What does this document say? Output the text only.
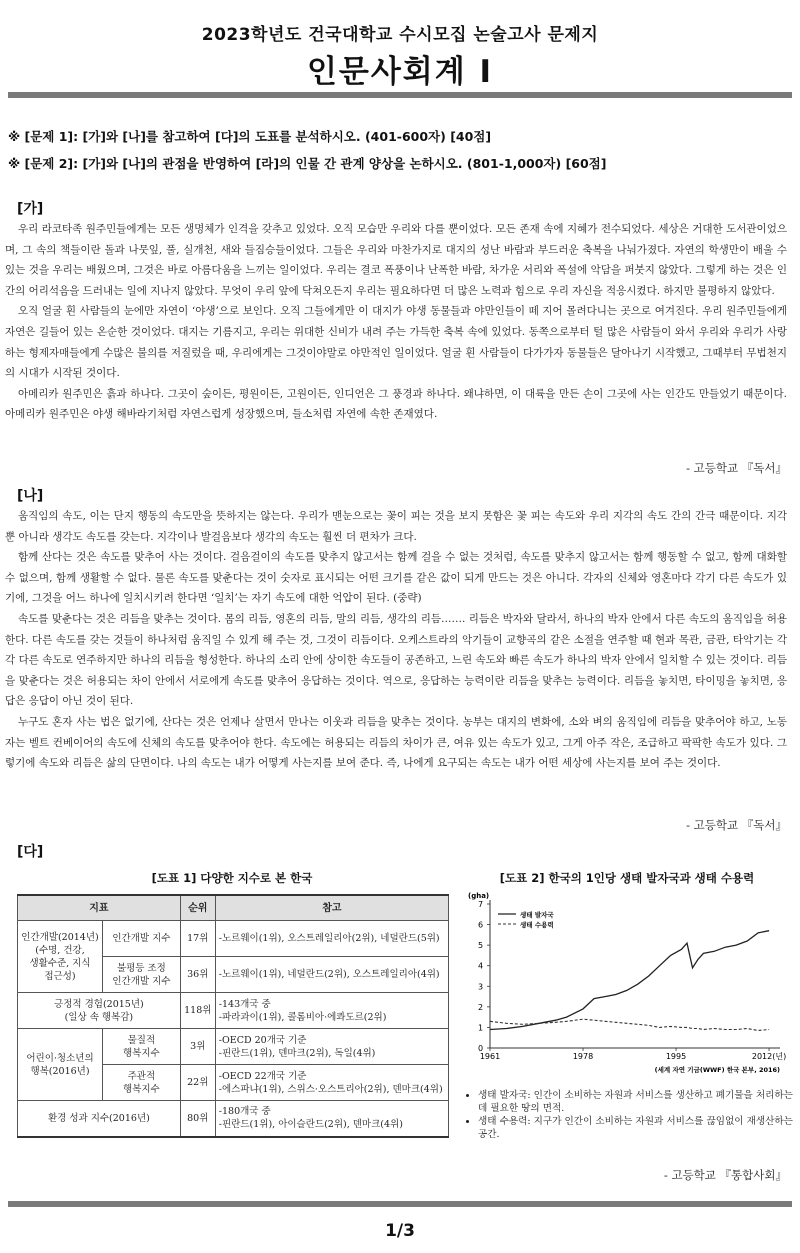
2023학년도 건국대학교 수시모집 논술고사 문제지
인문사회계 Ⅰ
※ [문제 1]: [가]와 [나]를 참고하여 [다]의 도표를 분석하시오. (401-600자) [40점]
※ [문제 2]: [가]와 [나]의 관점을 반영하여 [라]의 인물 간 관계 양상을 논하시오. (801-1,000자) [60점]
[가]

우리 라코타족 원주민들에게는 모든 생명체가 인격을 갖추고 있었다. 오직 모습만 우리와 다를 뿐이었다. 모든 존재 속에 지혜가 전수되었다. 세상은 거대한 도서관이었으며, 그 속의 책들이란 돌과 나뭇잎, 풀, 실개천, 새와 들짐승들이었다. 그들은 우리와 마찬가지로 대지의 성난 바람과 부드러운 축복을 나눠가졌다. 자연의 학생만이 배울 수 있는 것을 우리는 배웠으며, 그것은 바로 아름다움을 느끼는 일이었다. 우리는 결코 폭풍이나 난폭한 바람, 차가운 서리와 폭설에 악담을 퍼붓지 않았다. 그렇게 하는 것은 인간의 어리석음을 드러내는 일에 지나지 않았다. 무엇이 우리 앞에 닥쳐오든지 우리는 필요하다면 더 많은 노력과 힘으로 우리 자신을 적응시켰다. 하지만 불평하지 않았다.

오직 얼굴 흰 사람들의 눈에만 자연이 ‘야생’으로 보인다. 오직 그들에게만 이 대지가 야생 동물들과 야만인들이 떼 지어 몰려다니는 곳으로 여겨진다. 우리 원주민들에게 자연은 길들어 있는 온순한 것이었다. 대지는 기름지고, 우리는 위대한 신비가 내려 주는 가득한 축복 속에 있었다. 동쪽으로부터 털 많은 사람들이 와서 우리와 우리가 사랑하는 형제자매들에게 수많은 불의를 저질렀을 때, 우리에게는 그것이야말로 야만적인 일이었다. 얼굴 흰 사람들이 다가가자 동물들은 달아나기 시작했고, 그때부터 무법천지의 시대가 시작된 것이다.

아메리카 원주민은 흙과 하나다. 그곳이 숲이든, 평원이든, 고원이든, 인디언은 그 풍경과 하나다. 왜냐하면, 이 대륙을 만든 손이 그곳에 사는 인간도 만들었기 때문이다. 아메리카 원주민은 야생 해바라기처럼 자연스럽게 성장했으며, 들소처럼 자연에 속한 존재였다.

- 고등학교 『독서』
[나]

움직임의 속도, 이는 단지 행동의 속도만을 뜻하지는 않는다. 우리가 맨눈으로는 꽃이 피는 것을 보지 못함은 꽃 피는 속도와 우리 지각의 속도 간의 간극 때문이다. 지각뿐 아니라 생각도 속도를 갖는다. 지각이나 발걸음보다 생각의 속도는 훨씬 더 편차가 크다.

함께 산다는 것은 속도를 맞추어 사는 것이다. 걸음걸이의 속도를 맞추지 않고서는 함께 걸을 수 없는 것처럼, 속도를 맞추지 않고서는 함께 행동할 수 없고, 함께 대화할 수 없으며, 함께 생활할 수 없다. 물론 속도를 맞춘다는 것이 숫자로 표시되는 어떤 크기를 같은 값이 되게 만드는 것은 아니다. 각자의 신체와 영혼마다 각기 다른 속도가 있기에, 그것을 어느 하나에 일치시키려 한다면 ‘일치’는 자기 속도에 대한 억압이 된다. (중략)

속도를 맞춘다는 것은 리듬을 맞추는 것이다. 몸의 리듬, 영혼의 리듬, 말의 리듬, 생각의 리듬……. 리듬은 박자와 달라서, 하나의 박자 안에서 다른 속도의 움직임을 허용한다. 다른 속도를 갖는 것들이 하나처럼 움직일 수 있게 해 주는 것, 그것이 리듬이다. 오케스트라의 악기들이 교향곡의 같은 소절을 연주할 때 현과 목관, 금관, 타악기는 각각 다른 속도로 연주하지만 하나의 리듬을 형성한다. 하나의 소리 안에 상이한 속도들이 공존하고, 느린 속도와 빠른 속도가 하나의 박자 안에서 일치할 수 있는 것이다. 리듬을 맞춘다는 것은 허용되는 차이 안에서 서로에게 속도를 맞추어 응답하는 것이다. 역으로, 응답하는 능력이란 리듬을 맞추는 능력이다. 리듬을 놓치면, 타이밍을 놓치면, 응답은 응답이 아닌 것이 된다.

누구도 혼자 사는 법은 없기에, 산다는 것은 언제나 살면서 만나는 이웃과 리듬을 맞추는 것이다. 농부는 대지의 변화에, 소와 벼의 움직임에 리듬을 맞추어야 하고, 노동자는 벨트 컨베이어의 속도에 신체의 속도를 맞추어야 한다. 속도에는 허용되는 리듬의 차이가 큰, 여유 있는 속도가 있고, 그게 아주 작은, 조급하고 팍팍한 속도가 있다. 그렇기에 속도와 리듬은 삶의 단면이다. 나의 속도는 내가 어떻게 사는지를 보여 준다. 즉, 나에게 요구되는 속도는 내가 어떤 세상에 사는지를 보여 주는 것이다.

- 고등학교 『독서』
[다]
[도표 1] 다양한 지수로 본 한국
지표		순위	참고
인간개발(2014년)
(수명, 건강,
생활수준, 지식
접근성)	인간개발 지수	17위	-노르웨이(1위), 오스트레일리아(2위), 네덜란드(5위)
	불평등 조정
인간개발 지수	36위	-노르웨이(1위), 네덜란드(2위), 오스트레일리아(4위)
긍정적 경험(2015년)
(일상 속 행복감)		118위	-143개국 중
-파라과이(1위), 콜롬비아·에콰도르(2위)
어린이·청소년의
행복(2016년)	물질적
행복지수	3위	-OECD 20개국 기준
-핀란드(1위), 덴마크(2위), 독일(4위)
	주관적
행복지수	22위	-OECD 22개국 기준
-에스파냐(1위), 스위스·오스트리아(2위), 덴마크(4위)
환경 성과 지수(2016년)		80위	-180개국 중
-핀란드(1위), 아이슬란드(2위), 덴마크(4위)
[도표 2] 한국의 1인당 생태 발자국과 생태 수용력
(gha)
0
1
2
3
4
5
6
7
1961	1978	1995	2012(년)
생태 발자국
생태 수용력
(세계 자연 기금(WWF) 한국 본부, 2016)
• 생태 발자국: 인간이 소비하는 자원과 서비스를 생산하고 폐기물을 처리하는 데 필요한 땅의 면적.
• 생태 수용력: 지구가 인간이 소비하는 자원과 서비스를 끊임없이 재생산하는 공간.
- 고등학교 『통합사회』
1/3
